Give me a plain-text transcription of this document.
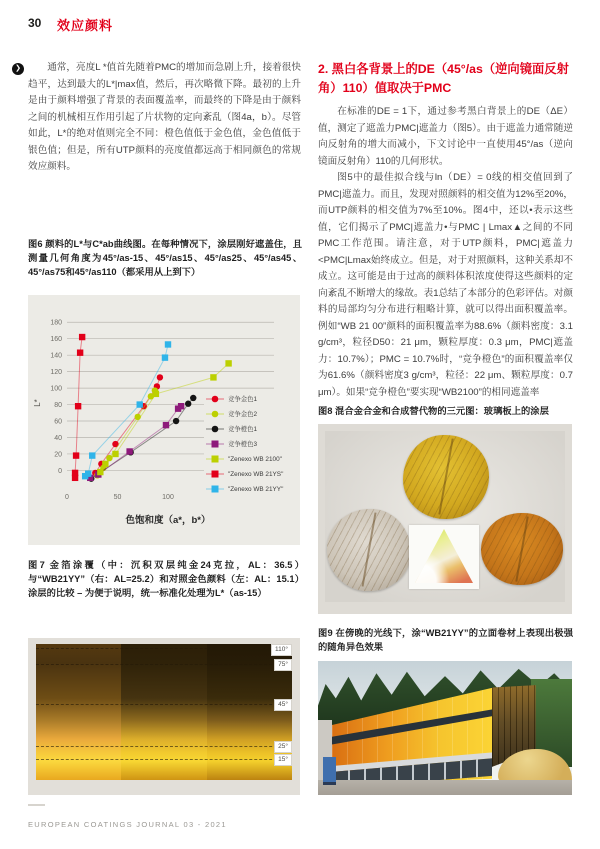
30 效应颜料
❯	通常，亮度L *值首先随着PMC的增加而急剧上升，接着很快趋平，达到最大的L*|max值，然后，再次略微下降。最初的上升是由于颜料增强了背景的表面覆盖率，而最终的下降是由于颜料之间的机械相互作用引起了片状物的定向紊乱（图4a，b）。尽管如此，L*的绝对值则完全不同：橙色值低于金色值，金色值低于银色值；但是，所有UTP颜料的亮度值都远高于相同颜色的常规效应颜料。
图6 颜料的L*与C*ab曲线图。在每种情况下，涂层刚好遮盖住，且测量几何角度为45°/as-15、45°/as15、45°/as25、45°/as45、45°/as75和45°/as110（都采用从上到下）
0
20
40
60
80
100
120
140
160
180
0	50	100
竞争金色1
竞争金色2
竞争橙色1
竞争橙色3
"Zenexo WB 2100"
"Zenexo WB 21YS"
"Zenexo WB 21YY"
L*
色饱和度（a*，b*）
图7 金箔涂覆（中：沉积双层纯金24克拉，AL：36.5）与“WB21YY”（右：AL=25.2）和对照金色颜料（左：AL：15.1）涂层的比较 – 为便于说明，统一标准化处理为L*（as-15）
110°
75°
45°
25°
15°
2. 黑白各背景上的DE（45°/as（逆向镜面反射角）110）值取决于PMC
在标准的DE = 1下，通过参考黑白背景上的DE（ΔE）值，测定了遮盖力PMC|遮盖力（图5）。由于遮盖力通常随逆向反射角的增大而减小，下文讨论中一直使用45°/as（逆向镜面反射角）110的几何形状。
图5中的最佳拟合线与ln（DE）= 0线的相交值回到了PMC|遮盖力。而且，发现对照颜料的相交值为12%至20%，而UTP颜料的相交值为7%至10%。图4中，还以•表示这些值，它们揭示了PMC|遮盖力•与PMC | Lmax▲之间的不同PMC工作范围。请注意，对于UTP颜料，PMC|遮盖力 <PMC|Lmax始终成立。但是，对于对照颜料，这种关系却不成立。这可能是由于过高的颜料体积浓度使得这些颜料的定向紊乱不断增大的缘故。表1总结了本部分的色彩评估。对颜料的局部均匀分布进行粗略计算，就可以得出面积覆盖率。例如“WB 21 00”颜料的面积覆盖率为88.6%（颜料密度：3.1 g/cm³，粒径D50：21 μm，颗粒厚度：0.3 μm，PMC|遮盖力：10.7%）；PMC = 10.7%时，“竞争橙色”的面积覆盖率仅为61.6%（颜料密度3 g/cm³，粒径：22 μm、颗粒厚度：0.7 μm）。如果“竞争橙色”要实现“WB2100”的相同遮盖率
图8 混合金合金和合成替代物的三元图：玻璃板上的涂层
图9 在傍晚的光线下，涂“WB21YY”的立面卷材上表现出极强的随角异色效果
EUROPEAN COATINGS JOURNAL 03 - 2021
